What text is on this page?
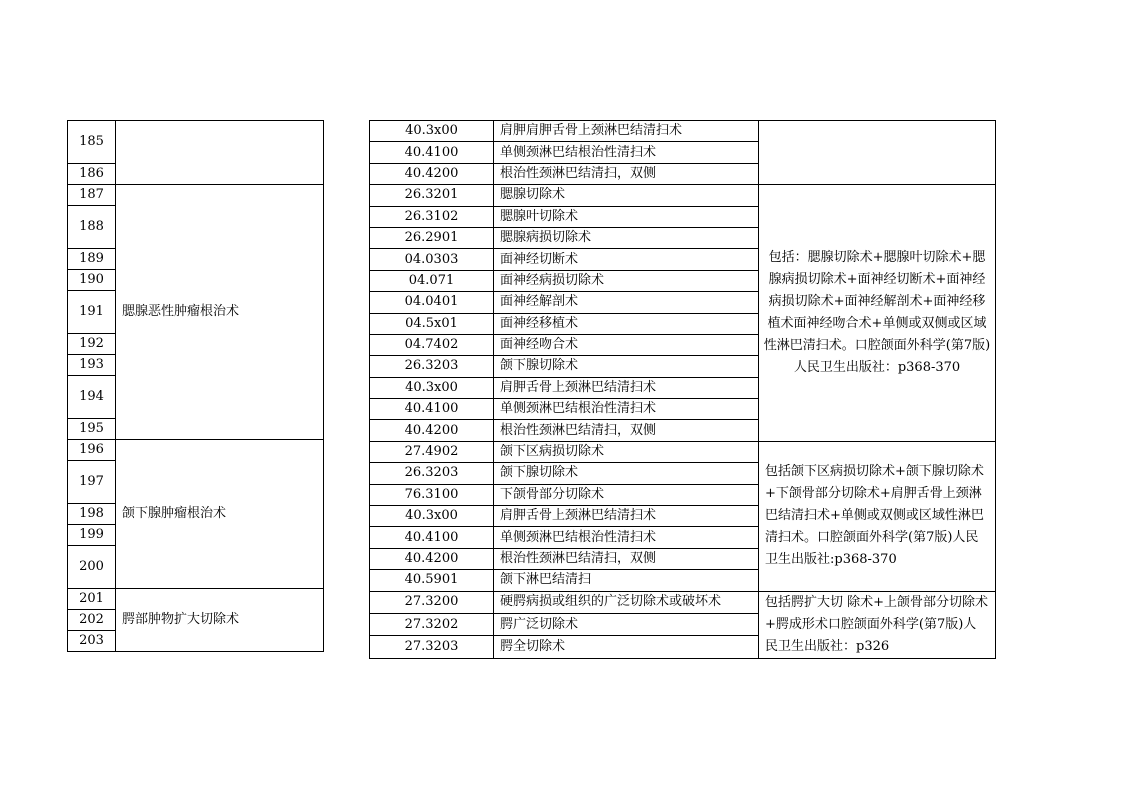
185	
186	
187	腮腺恶性肿瘤根治术
188	
189	
190	
191	
192	
193	
194	
195	
196	颌下腺肿瘤根治术
197	
198	
199	
200	
201	腭部肿物扩大切除术
202	
203	
40.3x00	肩胛肩胛舌骨上颈淋巴结清扫术	
40.4100	单侧颈淋巴结根治性清扫术	
40.4200	根治性颈淋巴结清扫，双侧	
26.3201	腮腺切除术	包括：腮腺切除术+腮腺叶切除术+腮腺病损切除术+面神经切断术+面神经病损切除术+面神经解剖术+面神经移植术面神经吻合术+单侧或双侧或区域性淋巴清扫术。口腔颌面外科学(第7版)人民卫生出版社：p368-370
26.3102	腮腺叶切除术	
26.2901	腮腺病损切除术	
04.0303	面神经切断术	
04.071	面神经病损切除术	
04.0401	面神经解剖术	
04.5x01	面神经移植术	
04.7402	面神经吻合术	
26.3203	颌下腺切除术	
40.3x00	肩胛舌骨上颈淋巴结清扫术	
40.4100	单侧颈淋巴结根治性清扫术	
40.4200	根治性颈淋巴结清扫，双侧	
27.4902	颌下区病损切除术	包括颌下区病损切除术+颌下腺切除术+下颌骨部分切除术+肩胛舌骨上颈淋巴结清扫术+单侧或双侧或区域性淋巴清扫术。口腔颌面外科学(第7版)人民卫生出版社:p368-370
26.3203	颌下腺切除术	
76.3100	下颌骨部分切除术	
40.3x00	肩胛舌骨上颈淋巴结清扫术	
40.4100	单侧颈淋巴结根治性清扫术	
40.4200	根治性颈淋巴结清扫，双侧	
40.5901	颌下淋巴结清扫	
27.3200	硬腭病损或组织的广泛切除术或破坏术	包括腭扩大切 除术+上颌骨部分切除术+腭成形术口腔颌面外科学(第7版)人民卫生出版社：p326
27.3202	腭广泛切除术	
27.3203	腭全切除术	
